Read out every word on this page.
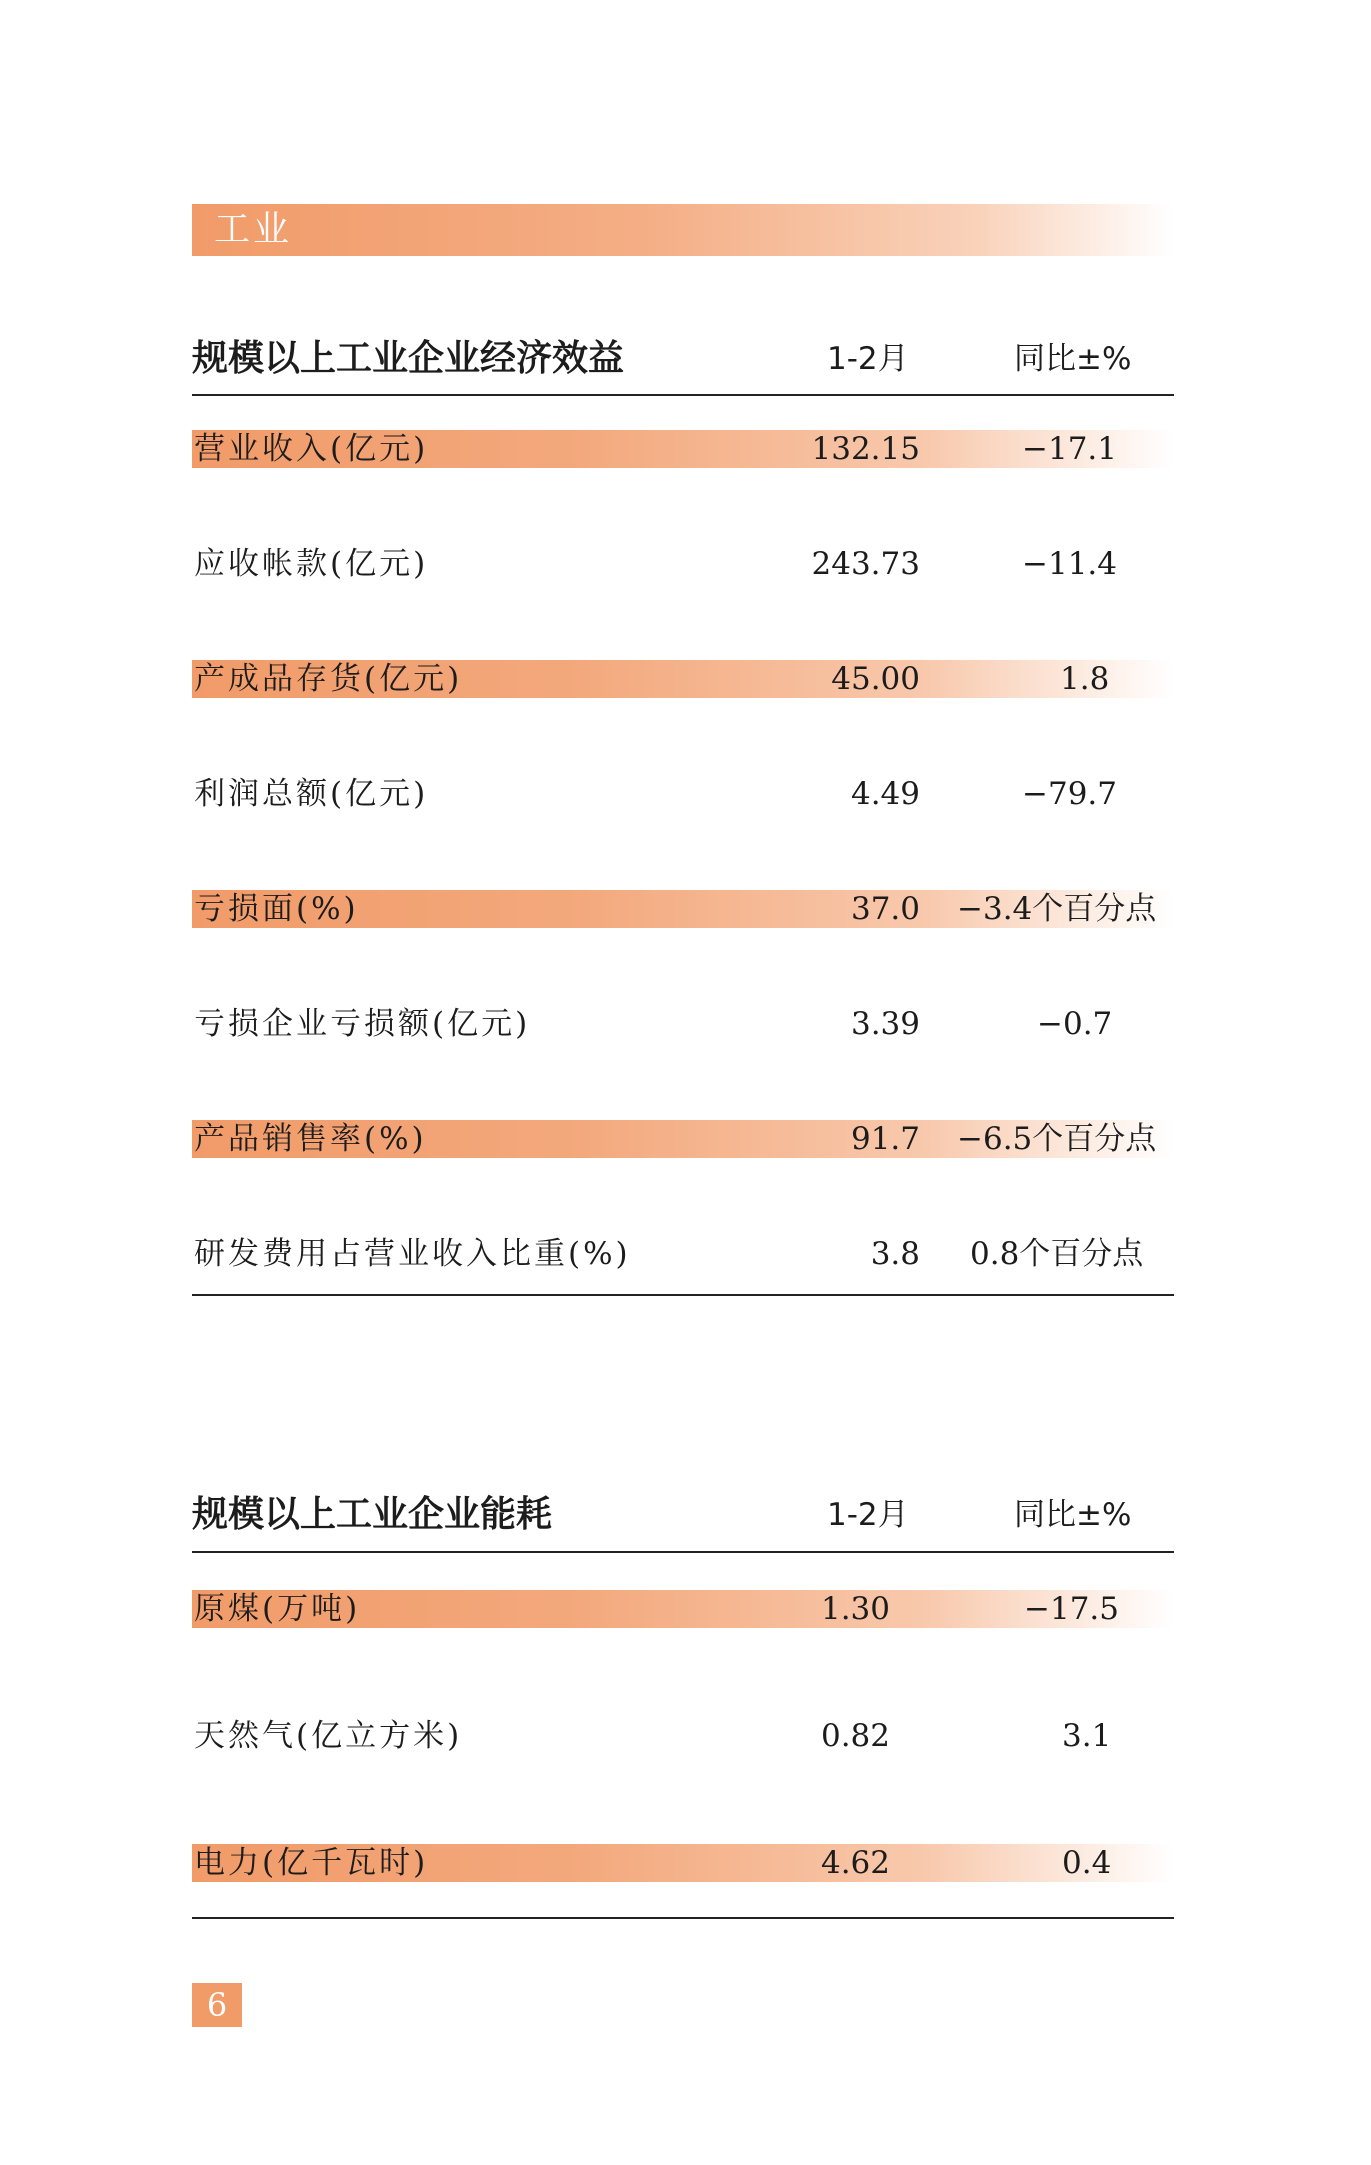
工业
规模以上工业企业经济效益	1-2月	同比±%
营业收入(亿元)	132.15	−17.1
应收帐款(亿元)	243.73	−11.4
产成品存货(亿元)	45.00	1.8
利润总额(亿元)	4.49	−79.7
亏损面(%)	37.0 −3.4个百分点
亏损企业亏损额(亿元)	3.39	−0.7
产品销售率(%)	91.7 −6.5个百分点
研发费用占营业收入比重(%)	3.8 0.8个百分点
规模以上工业企业能耗	1-2月	同比±%
原煤(万吨)	1.30	−17.5
天然气(亿立方米)	0.82	3.1
电力(亿千瓦时)	4.62	0.4
6
